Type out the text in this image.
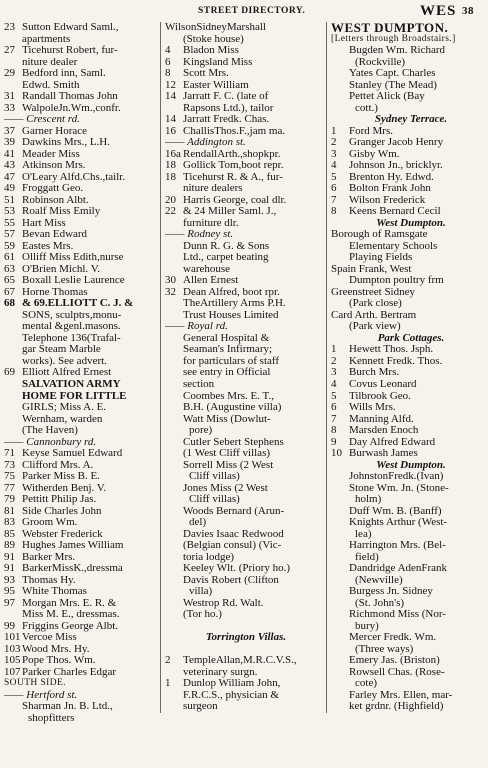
STREET DIRECTORY.	WES 38
23 Sutton Edward Saml.,
apartments
27 Ticehurst Robert, fur-
niture dealer
29 Bedford inn, Saml.
Edwd. Smith
31 Randall Thomas John
33 WalpoleJn.Wm.,confr.
—— Crescent rd.
37 Garner Horace
39 Dawkins Mrs., L.H.
41 Meader Miss
43 Atkinson Mrs.
47 O'Leary Alfd.Chs.,tailr.
49 Froggatt Geo.
51 Robinson Albt.
53 Roalf Miss Emily
55 Hart Miss
57 Bevan Edward
59 Eastes Mrs.
61 Olliff Miss Edith,nurse
63 O'Brien Michl. V.
65 Boxall Leslie Laurence
67 Horne Thomas
68 & 69.ELLIOTT C. J. &
SONS, sculptrs,monu-
mental &genl.masons.
Telephone 136(Trafal-
gar Steam Marble
works). See advert.
69 Elliott Alfred Ernest
SALVATION ARMY
HOME FOR LITTLE
GIRLS; Miss A. E.
Wernham, warden
(The Haven)
—— Cannonbury rd.
71 Keyse Samuel Edward
73 Clifford Mrs. A.
75 Parker Miss B. E.
77 Witherden Benj. V.
79 Pettitt Philip Jas.
81 Side Charles John
83 Groom Wm.
85 Webster Frederick
89 Hughes James William
91 Barker Mrs.
91 BarkerMissK.,dressma
93 Thomas Hy.
95 White Thomas
97 Morgan Mrs. E. R. &
Miss M. E., dressmas.
99 Friggins George Albt.
101 Vercoe Miss
103 Wood Mrs. Hy.
105 Pope Thos. Wm.
107 Parker Charles Edgar
SOUTH SIDE.
—— Hertford st.
Sharman Jn. B. Ltd.,
shopfitters
WilsonSidneyMarshall
(Stoke house)
4 Bladon Miss
6 Kingsland Miss
8 Scott Mrs.
12 Easter William
14 Jarratt F. C. (late of
Rapsons Ltd.), tailor
14 Jarratt Fredk. Chas.
16 ChallisThos.F.,jam ma.
—— Addington st.
16a RendallArth.,shopkpr.
18 Gollick Tom,boot repr.
18 Ticehurst R. & A., fur-
niture dealers
20 Harris George, coal dlr.
22 & 24 Miller Saml. J.,
furniture dlr.
—— Rodney st.
Dunn R. G. & Sons
Ltd., carpet beating
warehouse
30 Allen Ernest
32 Dean Alfred, boot rpr.
TheArtillery Arms P.H.
Trust Houses Limited
—— Royal rd.
General Hospital &
Seaman's Infirmary;
for particulars of staff
see entry in Official
section
Coombes Mrs. E. T.,
B.H. (Augustine villa)
Watt Miss (Dowlut-
pore)
Cutler Sebert Stephens
(1 West Cliff villas)
Sorrell Miss (2 West
Cliff villas)
Jones Miss (2 West
Cliff villas)
Woods Bernard (Arun-
del)
Davies Isaac Redwood
(Belgian consul) (Vic-
toria lodge)
Keeley Wlt. (Priory ho.)
Davis Robert (Clifton
villa)
Westrop Rd. Walt.
(Tor ho.)
Torrington Villas.
2 TempleAllan,M.R.C.V.S.,
veterinary surgn.
1 Dunlop William John,
F.R.C.S., physician &
surgeon
WEST DUMPTON.
[Letters through Broadstairs.]
Bugden Wm. Richard
(Rockville)
Yates Capt. Charles
Stanley (The Mead)
Pettet Alick (Bay
cott.)
Sydney Terrace.
1 Ford Mrs.
2 Granger Jacob Henry
3 Gisby Wm.
4 Johnson Jn., bricklyr.
5 Brenton Hy. Edwd.
6 Bolton Frank John
7 Wilson Frederick
8 Keens Bernard Cecil
West Dumpton.
Borough of Ramsgate
Elementary Schools
Playing Fields
Spain Frank, West
Dumpton poultry frm
Greenstreet Sidney
(Park close)
Card Arth. Bertram
(Park view)
Park Cottages.
1 Hewett Thos. Jsph.
2 Kennett Fredk. Thos.
3 Burch Mrs.
4 Covus Leonard
5 Tilbrook Geo.
6 Wills Mrs.
7 Manning Alfd.
8 Marsden Enoch
9 Day Alfred Edward
10 Burwash James
West Dumpton.
JohnstonFredk.(Ivan)
Stone Wm. Jn. (Stone-
holm)
Duff Wm. B. (Banff)
Knights Arthur (West-
lea)
Harrington Mrs. (Bel-
field)
Dandridge AdenFrank
(Newville)
Burgess Jn. Sidney
(St. John's)
Richmond Miss (Nor-
bury)
Mercer Fredk. Wm.
(Three ways)
Emery Jas. (Briston)
Rowsell Chas. (Rose-
cote)
Farley Mrs. Ellen, mar-
ket grdnr. (Highfield)
